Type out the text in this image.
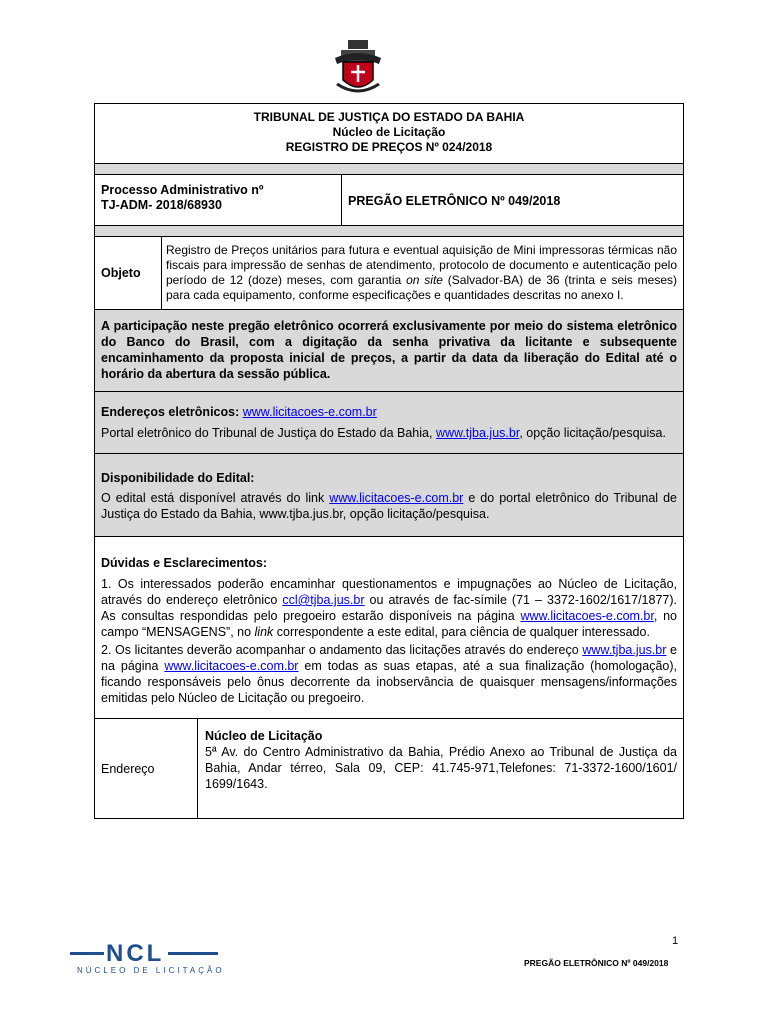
TRIBUNAL DE JUSTIÇA DO ESTADO DA BAHIA
Núcleo de Licitação
REGISTRO DE PREÇOS Nº 024/2018
Processo Administrativo nº
TJ-ADM- 2018/68930	PREGÃO ELETRÔNICO Nº 049/2018
Objeto
Registro de Preços unitários para futura e eventual aquisição de Mini impressoras térmicas não fiscais para impressão de senhas de atendimento, protocolo de documento e autenticação pelo período de 12 (doze) meses, com garantia on site (Salvador-BA) de 36 (trinta e seis meses) para cada equipamento, conforme especificações e quantidades descritas no anexo I.
A participação neste pregão eletrônico ocorrerá exclusivamente por meio do sistema eletrônico do Banco do Brasil, com a digitação da senha privativa da licitante e subsequente encaminhamento da proposta inicial de preços, a partir da data da liberação do Edital até o horário da abertura da sessão pública.
Endereços eletrônicos: www.licitacoes-e.com.br
Portal eletrônico do Tribunal de Justiça do Estado da Bahia, www.tjba.jus.br, opção licitação/pesquisa.
Disponibilidade do Edital:
O edital está disponível através do link www.licitacoes-e.com.br e do portal eletrônico do Tribunal de Justiça do Estado da Bahia, www.tjba.jus.br, opção licitação/pesquisa.
Dúvidas e Esclarecimentos:
1. Os interessados poderão encaminhar questionamentos e impugnações ao Núcleo de Licitação, através do endereço eletrônico ccl@tjba.jus.br ou através de fac-símile (71 – 3372-1602/1617/1877). As consultas respondidas pelo pregoeiro estarão disponíveis na página www.licitacoes-e.com.br, no campo “MENSAGENS”, no link correspondente a este edital, para ciência de qualquer interessado.
2. Os licitantes deverão acompanhar o andamento das licitações através do endereço www.tjba.jus.br e na página www.licitacoes-e.com.br em todas as suas etapas, até a sua finalização (homologação), ficando responsáveis pelo ônus decorrente da inobservância de quaisquer mensagens/informações emitidas pelo Núcleo de Licitação ou pregoeiro.
Endereço
Núcleo de Licitação
5ª Av. do Centro Administrativo da Bahia, Prédio Anexo ao Tribunal de Justiça da Bahia, Andar térreo, Sala 09, CEP: 41.745-971,Telefones: 71-3372-1600/1601/ 1699/1643.
1
NCL
NÚCLEO DE LICITAÇÃO
PREGÃO ELETRÔNICO Nº 049/2018
